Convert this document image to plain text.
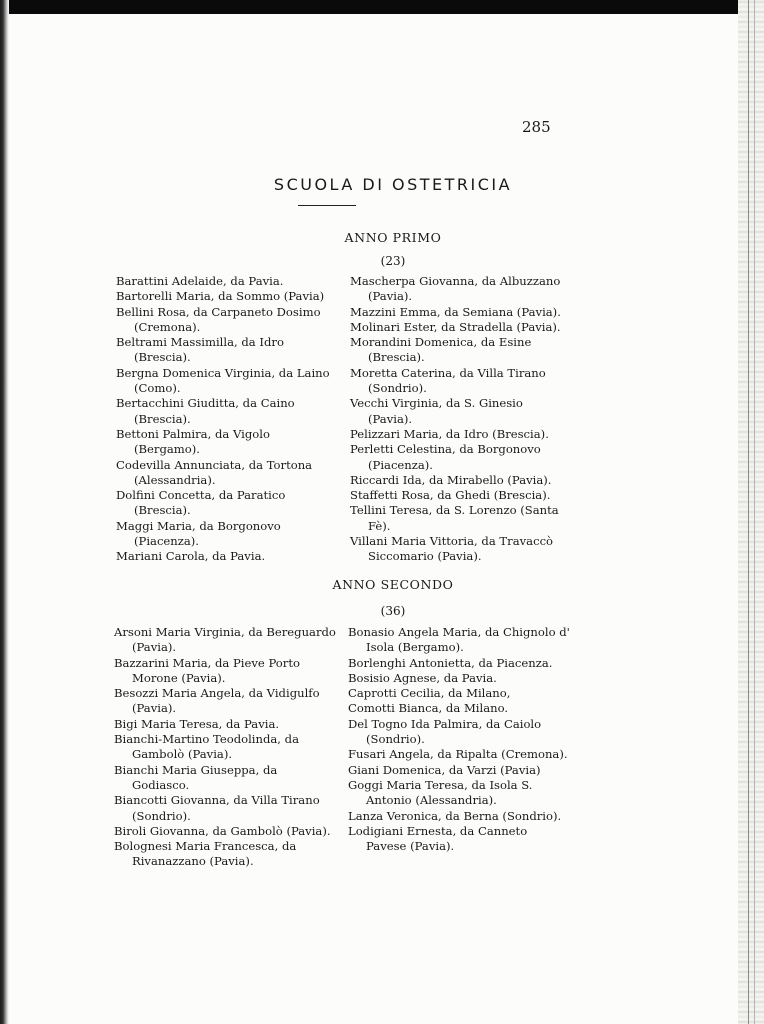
285
SCUOLA DI OSTETRICIA
ANNO PRIMO
(23)

Barattini Adelaide, da Pavia.

Bartorelli Maria, da Sommo (Pavia)

Bellini Rosa, da Carpaneto Dosimo (Cremona).

Beltrami Massimilla, da Idro (Brescia).

Bergna Domenica Virginia, da Laino (Como).

Bertacchini Giuditta, da Caino (Brescia).

Bettoni Palmira, da Vigolo (Bergamo).

Codevilla Annunciata, da Tortona (Alessandria).

Dolfini Concetta, da Paratico (Brescia).

Maggi Maria, da Borgonovo (Piacenza).

Mariani Carola, da Pavia.

Mascherpa Giovanna, da Albuzzano (Pavia).

Mazzini Emma, da Semiana (Pavia).

Molinari Ester, da Stradella (Pavia).

Morandini Domenica, da Esine (Brescia).

Moretta Caterina, da Villa Tirano (Sondrio).

Vecchi Virginia, da S. Ginesio (Pavia).

Pelizzari Maria, da Idro (Brescia).

Perletti Celestina, da Borgonovo (Piacenza).

Riccardi Ida, da Mirabello (Pavia).

Staffetti Rosa, da Ghedi (Brescia).

Tellini Teresa, da S. Lorenzo (Santa Fè).

Villani Maria Vittoria, da Travaccò Siccomario (Pavia).

ANNO SECONDO
(36)

Arsoni Maria Virginia, da Bereguardo (Pavia).

Bazzarini Maria, da Pieve Porto Morone (Pavia).

Besozzi Maria Angela, da Vidigulfo (Pavia).

Bigi Maria Teresa, da Pavia.

Bianchi-Martino Teodolinda, da Gambolò (Pavia).

Bianchi Maria Giuseppa, da Godiasco.

Biancotti Giovanna, da Villa Tirano (Sondrio).

Biroli Giovanna, da Gambolò (Pavia).

Bolognesi Maria Francesca, da Rivanazzano (Pavia).

Bonasio Angela Maria, da Chignolo d' Isola (Bergamo).

Borlenghi Antonietta, da Piacenza.

Bosisio Agnese, da Pavia.

Caprotti Cecilia, da Milano,

Comotti Bianca, da Milano.

Del Togno Ida Palmira, da Caiolo (Sondrio).

Fusari Angela, da Ripalta (Cremona).

Giani Domenica, da Varzi (Pavia)

Goggi Maria Teresa, da Isola S. Antonio (Alessandria).

Lanza Veronica, da Berna (Sondrio).

Lodigiani Ernesta, da Canneto Pavese (Pavia).
